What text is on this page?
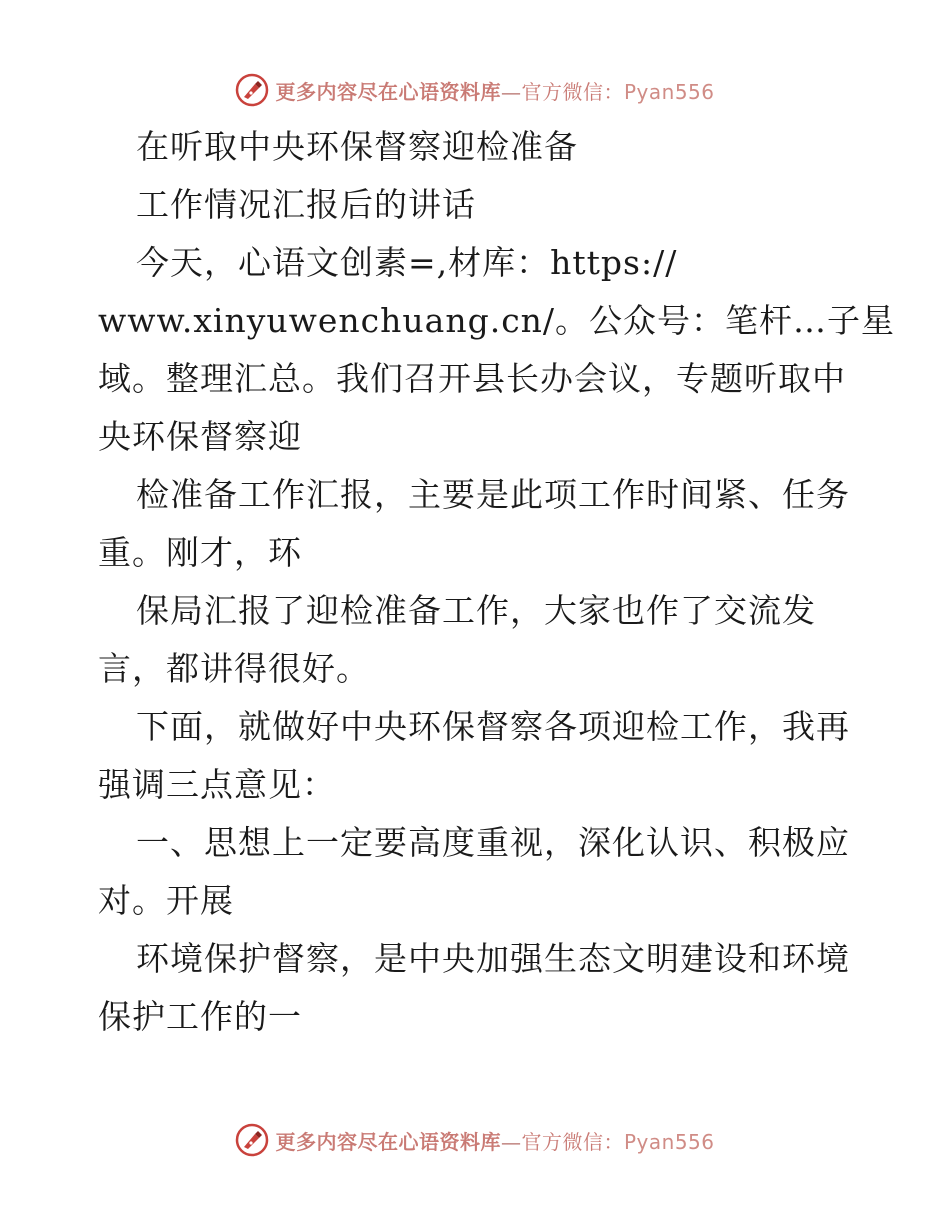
更多内容尽在心语资料库—官方微信：Pyan556
在听取中央环保督察迎检准备
工作情况汇报后的讲话
今天，心语文创素=,材库：https://
www.xinyuwenchuang.cn/。公众号：笔杆…子星
域。整理汇总。我们召开县长办会议，专题听取中
央环保督察迎
检准备工作汇报，主要是此项工作时间紧、任务
重。刚才，环
保局汇报了迎检准备工作，大家也作了交流发
言，都讲得很好。
下面，就做好中央环保督察各项迎检工作，我再
强调三点意见：
一、思想上一定要高度重视，深化认识、积极应
对。开展
环境保护督察，是中央加强生态文明建设和环境
保护工作的一
更多内容尽在心语资料库—官方微信：Pyan556
